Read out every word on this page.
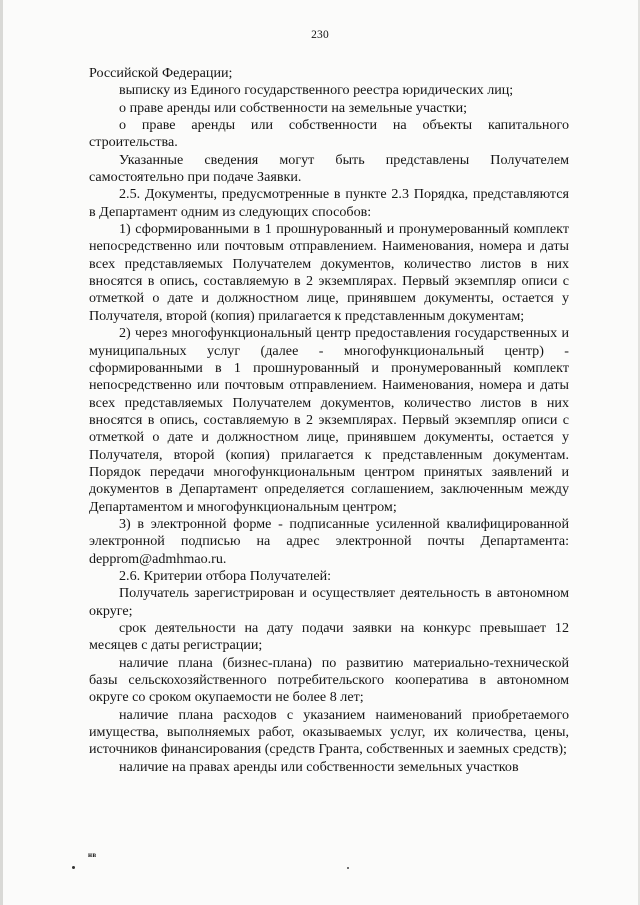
230

Российской Федерации;

выписку из Единого государственного реестра юридических лиц;

о праве аренды или собственности на земельные участки;

о праве аренды или собственности на объекты капитального строительства.

Указанные сведения могут быть представлены Получателем самостоятельно при подаче Заявки.

2.5. Документы, предусмотренные в пункте 2.3 Порядка, представляются в Департамент одним из следующих способов:

1) сформированными в 1 прошнурованный и пронумерованный комплект непосредственно или почтовым отправлением. Наименования, номера и даты всех представляемых Получателем документов, количество листов в них вносятся в опись, составляемую в 2 экземплярах. Первый экземпляр описи с отметкой о дате и должностном лице, принявшем документы, остается у Получателя, второй (копия) прилагается к представленным документам;

2) через многофункциональный центр предоставления государственных и муниципальных услуг (далее - многофункциональный центр) - сформированными в 1 прошнурованный и пронумерованный комплект непосредственно или почтовым отправлением. Наименования, номера и даты всех представляемых Получателем документов, количество листов в них вносятся в опись, составляемую в 2 экземплярах. Первый экземпляр описи с отметкой о дате и должностном лице, принявшем документы, остается у Получателя, второй (копия) прилагается к представленным документам. Порядок передачи многофункциональным центром принятых заявлений и документов в Департамент определяется соглашением, заключенным между Департаментом и многофункциональным центром;

3) в электронной форме - подписанные усиленной квалифицированной электронной подписью на адрес электронной почты Департамента: depprom@admhmao.ru.

2.6. Критерии отбора Получателей:

Получатель зарегистрирован и осуществляет деятельность в автономном округе;

срок деятельности на дату подачи заявки на конкурс превышает 12 месяцев с даты регистрации;

наличие плана (бизнес-плана) по развитию материально-технической базы сельскохозяйственного потребительского кооператива в автономном округе со сроком окупаемости не более 8 лет;

наличие плана расходов с указанием наименований приобретаемого имущества, выполняемых работ, оказываемых услуг, их количества, цены, источников финансирования (средств Гранта, собственных и заемных средств);

наличие на правах аренды или собственности земельных участков

нв
